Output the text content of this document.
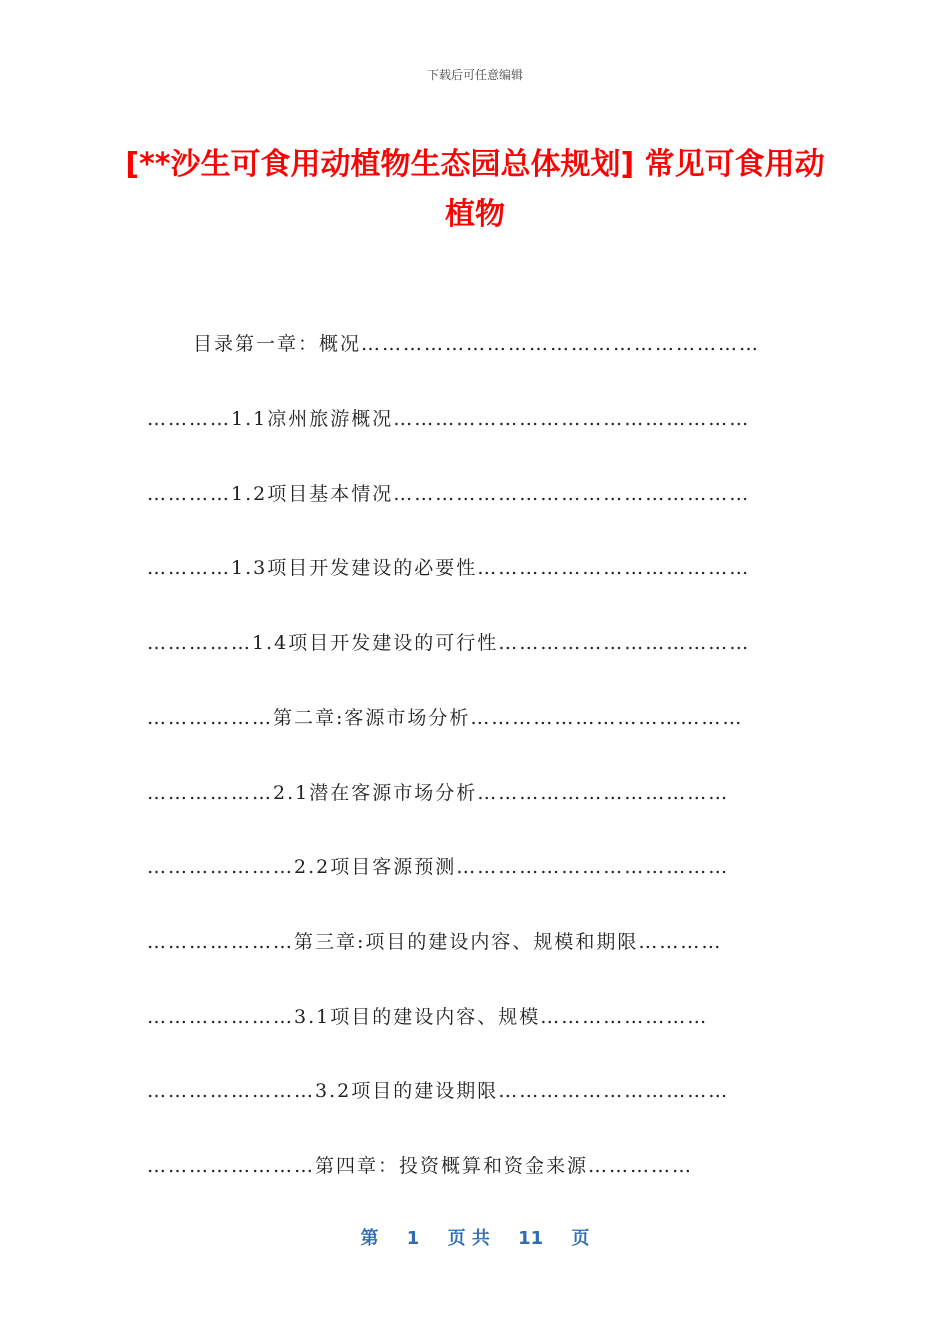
下载后可任意编辑
[**沙生可食用动植物生态园总体规划] 常见可食用动植物
目录第一章：概况…………………………………………………
…………1.1凉州旅游概况……………………………………………
…………1.2项目基本情况……………………………………………
…………1.3项目开发建设的必要性…………………………………
……………1.4项目开发建设的可行性………………………………
………………第二章:客源市场分析…………………………………
………………2.1潜在客源市场分析………………………………
…………………2.2项目客源预测…………………………………
…………………第三章:项目的建设内容、规模和期限…………
…………………3.1项目的建设内容、规模……………………
……………………3.2项目的建设期限……………………………
……………………第四章：投资概算和资金来源……………
第 1 页 共 11 页
